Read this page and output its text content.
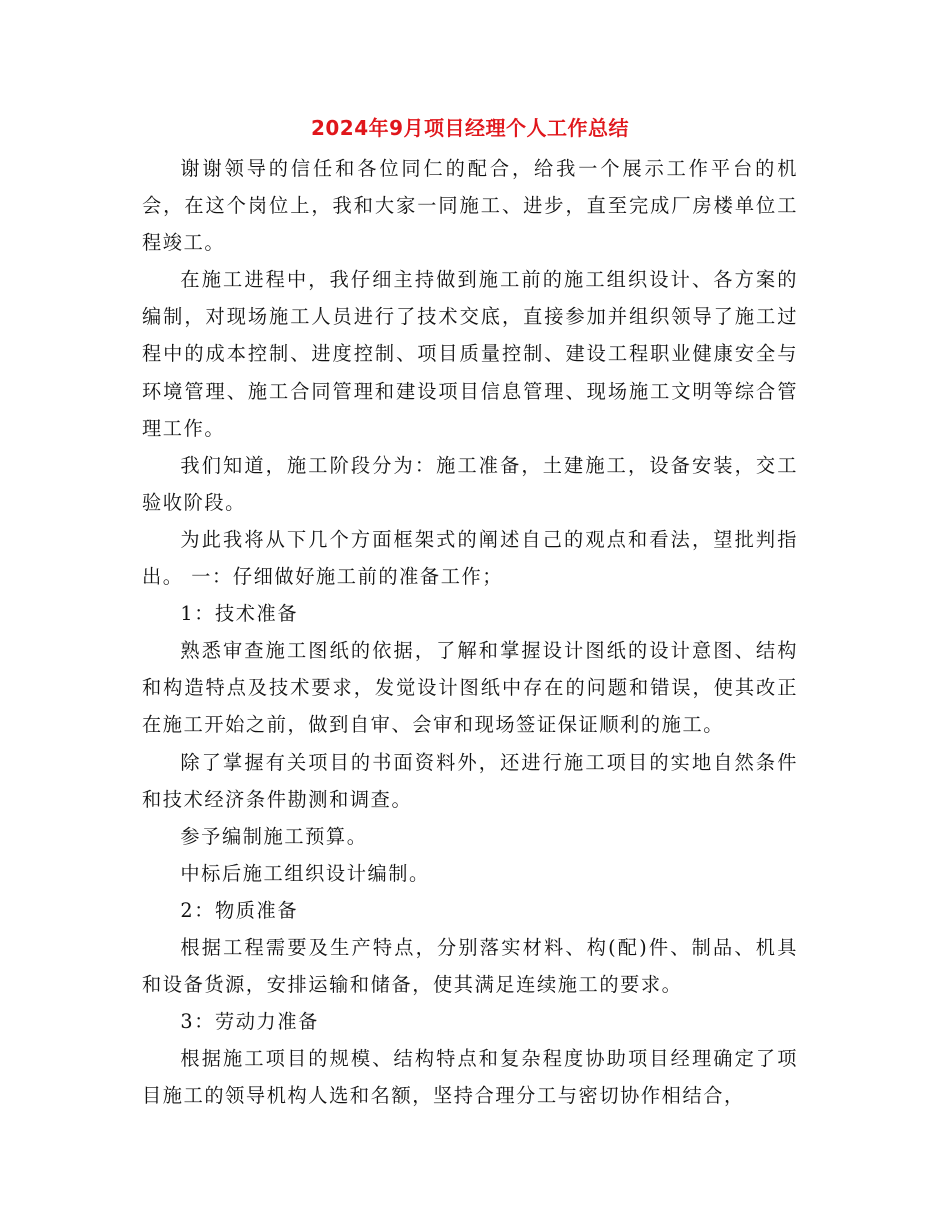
2024年9月项目经理个人工作总结

谢谢领导的信任和各位同仁的配合，给我一个展示工作平台的机会，在这个岗位上，我和大家一同施工、进步，直至完成厂房楼单位工程竣工。

在施工进程中，我仔细主持做到施工前的施工组织设计、各方案的编制，对现场施工人员进行了技术交底，直接参加并组织领导了施工过程中的成本控制、进度控制、项目质量控制、建设工程职业健康安全与环境管理、施工合同管理和建设项目信息管理、现场施工文明等综合管理工作。

我们知道，施工阶段分为：施工准备，土建施工，设备安装，交工验收阶段。

为此我将从下几个方面框架式的阐述自己的观点和看法，望批判指出。 一：仔细做好施工前的准备工作；

1：技术准备

熟悉审查施工图纸的依据，了解和掌握设计图纸的设计意图、结构和构造特点及技术要求，发觉设计图纸中存在的问题和错误，使其改正在施工开始之前，做到自审、会审和现场签证保证顺利的施工。

除了掌握有关项目的书面资料外，还进行施工项目的实地自然条件和技术经济条件勘测和调查。

参予编制施工预算。

中标后施工组织设计编制。

2：物质准备

根据工程需要及生产特点，分别落实材料、构(配)件、制品、机具和设备货源，安排运输和储备，使其满足连续施工的要求。

3：劳动力准备

根据施工项目的规模、结构特点和复杂程度协助项目经理确定了项目施工的领导机构人选和名额，坚持合理分工与密切协作相结合，
